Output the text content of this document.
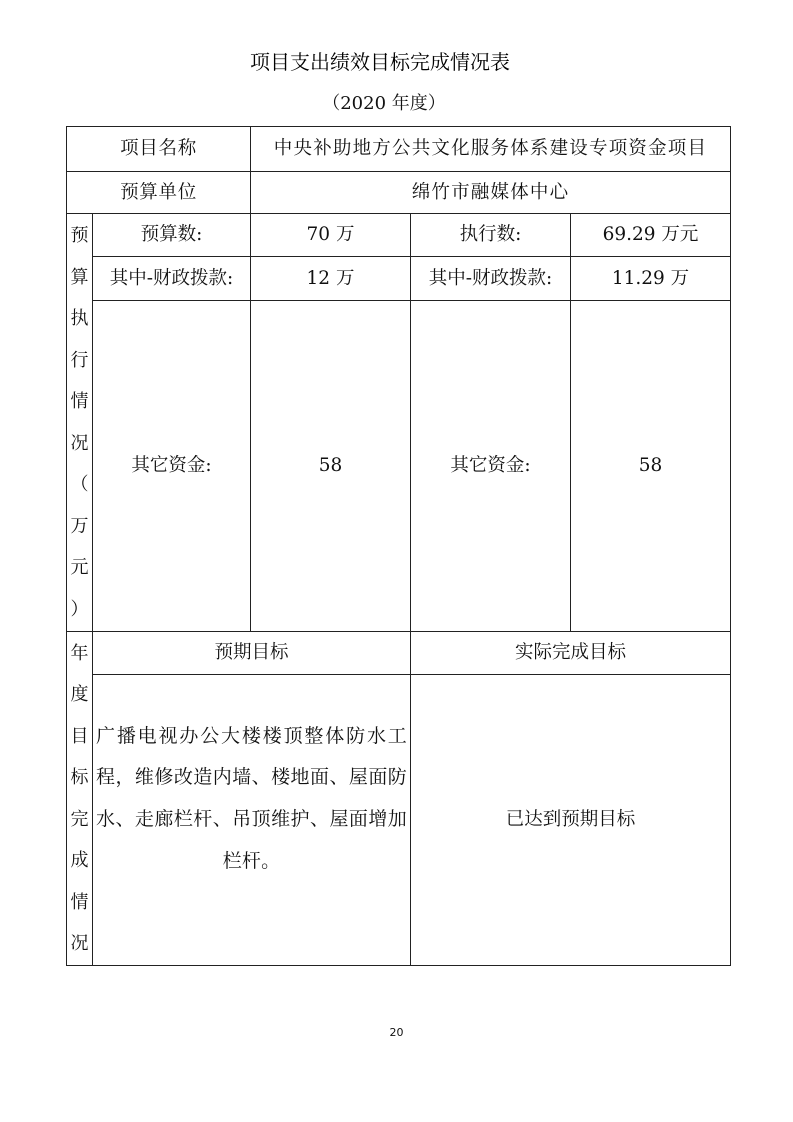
项目支出绩效目标完成情况表
（2020 年度）
项目名称		中央补助地方公共文化服务体系建设专项资金项目		
预算单位		绵竹市融媒体中心		

预算执行情况（万元）	预算数:	70 万	执行数:	69.29 万元
	其中-财政拨款:	12 万	其中-财政拨款:	11.29 万
	其它资金:	58	其它资金:	58

年度目标完成情况	预期目标		实际完成目标	
	广播电视办公大楼楼顶整体防水工程，维修改造内墙、楼地面、屋面防水、走廊栏杆、吊顶维护、屋面增加栏杆。		已达到预期目标	
20
